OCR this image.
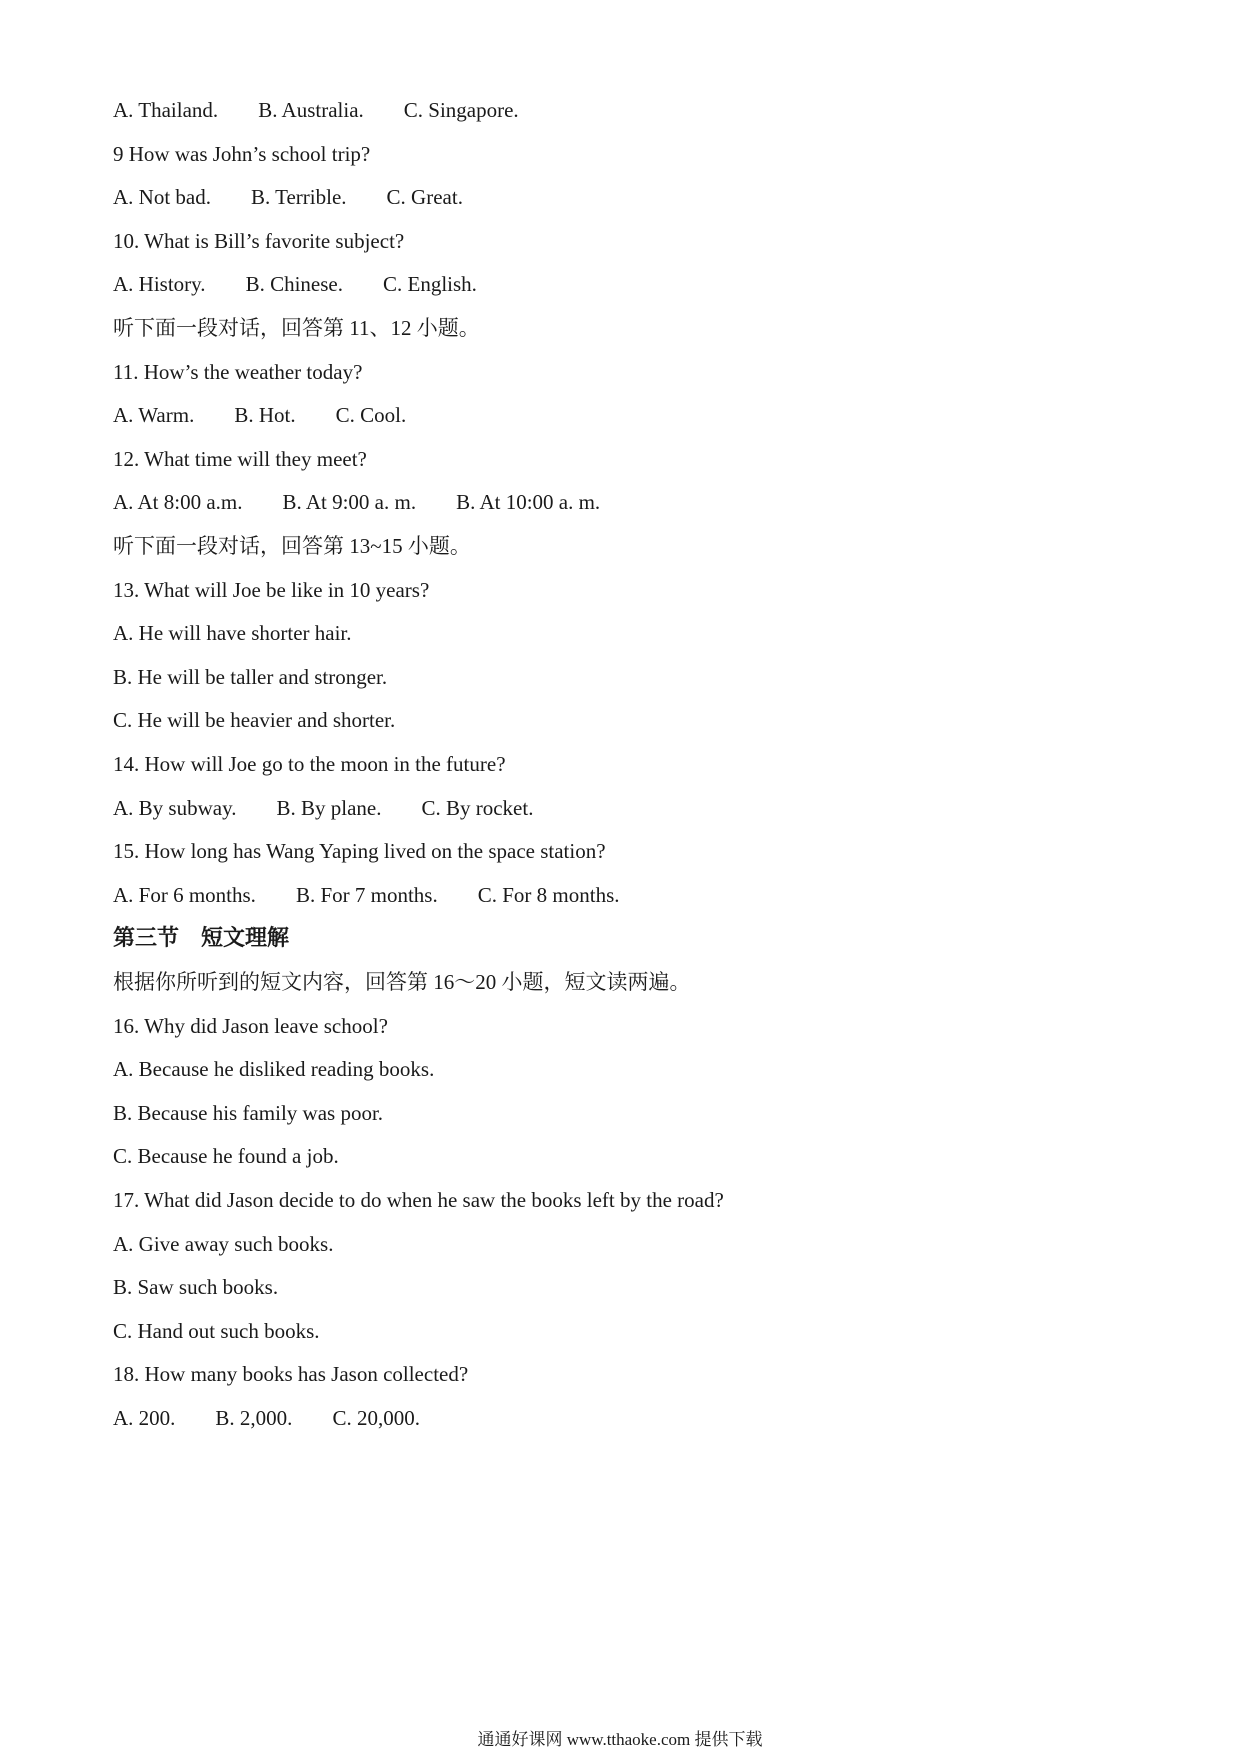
A. Thailand. B. Australia. C. Singapore.
9 How was John’s school trip?
A. Not bad. B. Terrible. C. Great.
10. What is Bill’s favorite subject?
A. History. B. Chinese. C. English.
听下面一段对话，回答第 11、12 小题。
11. How’s the weather today?
A. Warm. B. Hot. C. Cool.
12. What time will they meet?
A. At 8:00 a.m. B. At 9:00 a. m. B. At 10:00 a. m.
听下面一段对话，回答第 13~15 小题。
13. What will Joe be like in 10 years?
A. He will have shorter hair.
B. He will be taller and stronger.
C. He will be heavier and shorter.
14. How will Joe go to the moon in the future?
A. By subway. B. By plane. C. By rocket.
15. How long has Wang Yaping lived on the space station?
A. For 6 months. B. For 7 months. C. For 8 months.
第三节 短文理解
根据你所听到的短文内容，回答第 16～20 小题，短文读两遍。
16. Why did Jason leave school?
A. Because he disliked reading books.
B. Because his family was poor.
C. Because he found a job.
17. What did Jason decide to do when he saw the books left by the road?
A. Give away such books.
B. Saw such books.
C. Hand out such books.
18. How many books has Jason collected?
A. 200. B. 2,000. C. 20,000.
通通好课网 www.tthaoke.com 提供下载
